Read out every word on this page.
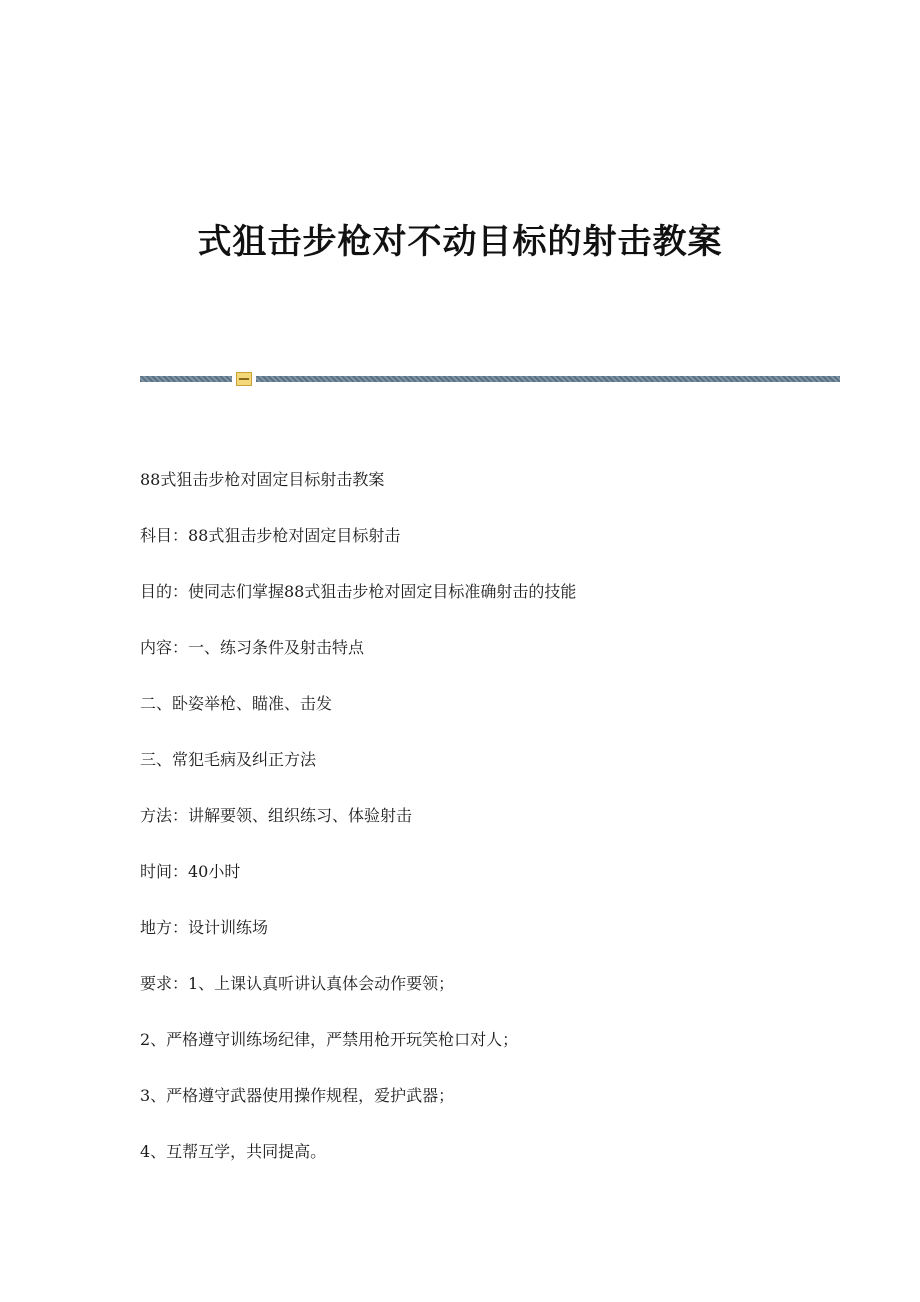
式狙击步枪对不动目标的射击教案

88式狙击步枪对固定目标射击教案

科目：88式狙击步枪对固定目标射击

目的：使同志们掌握88式狙击步枪对固定目标准确射击的技能

内容：一、练习条件及射击特点

二、卧姿举枪、瞄准、击发

三、常犯毛病及纠正方法

方法：讲解要领、组织练习、体验射击

时间：40小时

地方：设计训练场

要求：1、上课认真听讲认真体会动作要领；

2、严格遵守训练场纪律，严禁用枪开玩笑枪口对人；

3、严格遵守武器使用操作规程，爱护武器；

4、互帮互学，共同提高。
